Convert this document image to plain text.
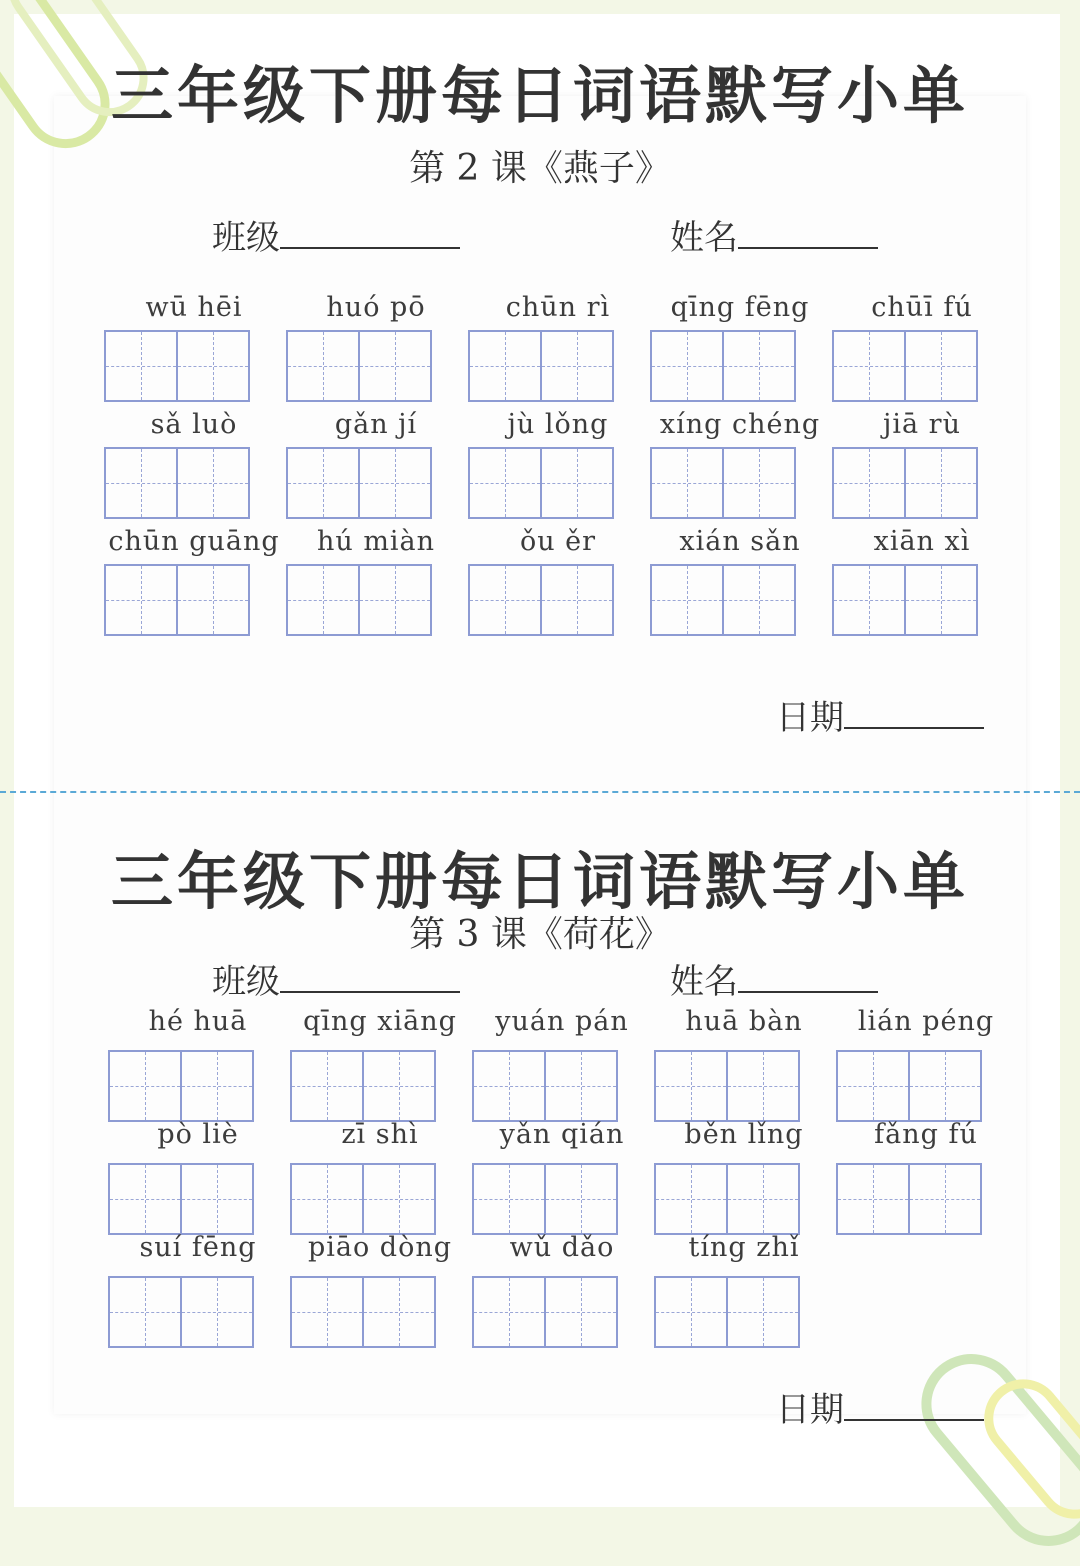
三年级下册每日词语默写小单
第 2 课《燕子》
班级	姓名
wū hēi	huó pō	chūn rì	qīng fēng	chūī fú
sǎ luò	gǎn jí	jù lǒng	xíng chéng	jiā rù
chūn guāng	hú miàn	ǒu ěr	xián sǎn	xiān xì
日期
三年级下册每日词语默写小单
第 3 课《荷花》
班级	姓名
hé huā	qīng xiāng	yuán pán	huā bàn	lián péng
pò liè	zī shì	yǎn qián	běn lǐng	fǎng fú
suí fēng	piāo dòng	wǔ dǎo	tíng zhǐ
日期
